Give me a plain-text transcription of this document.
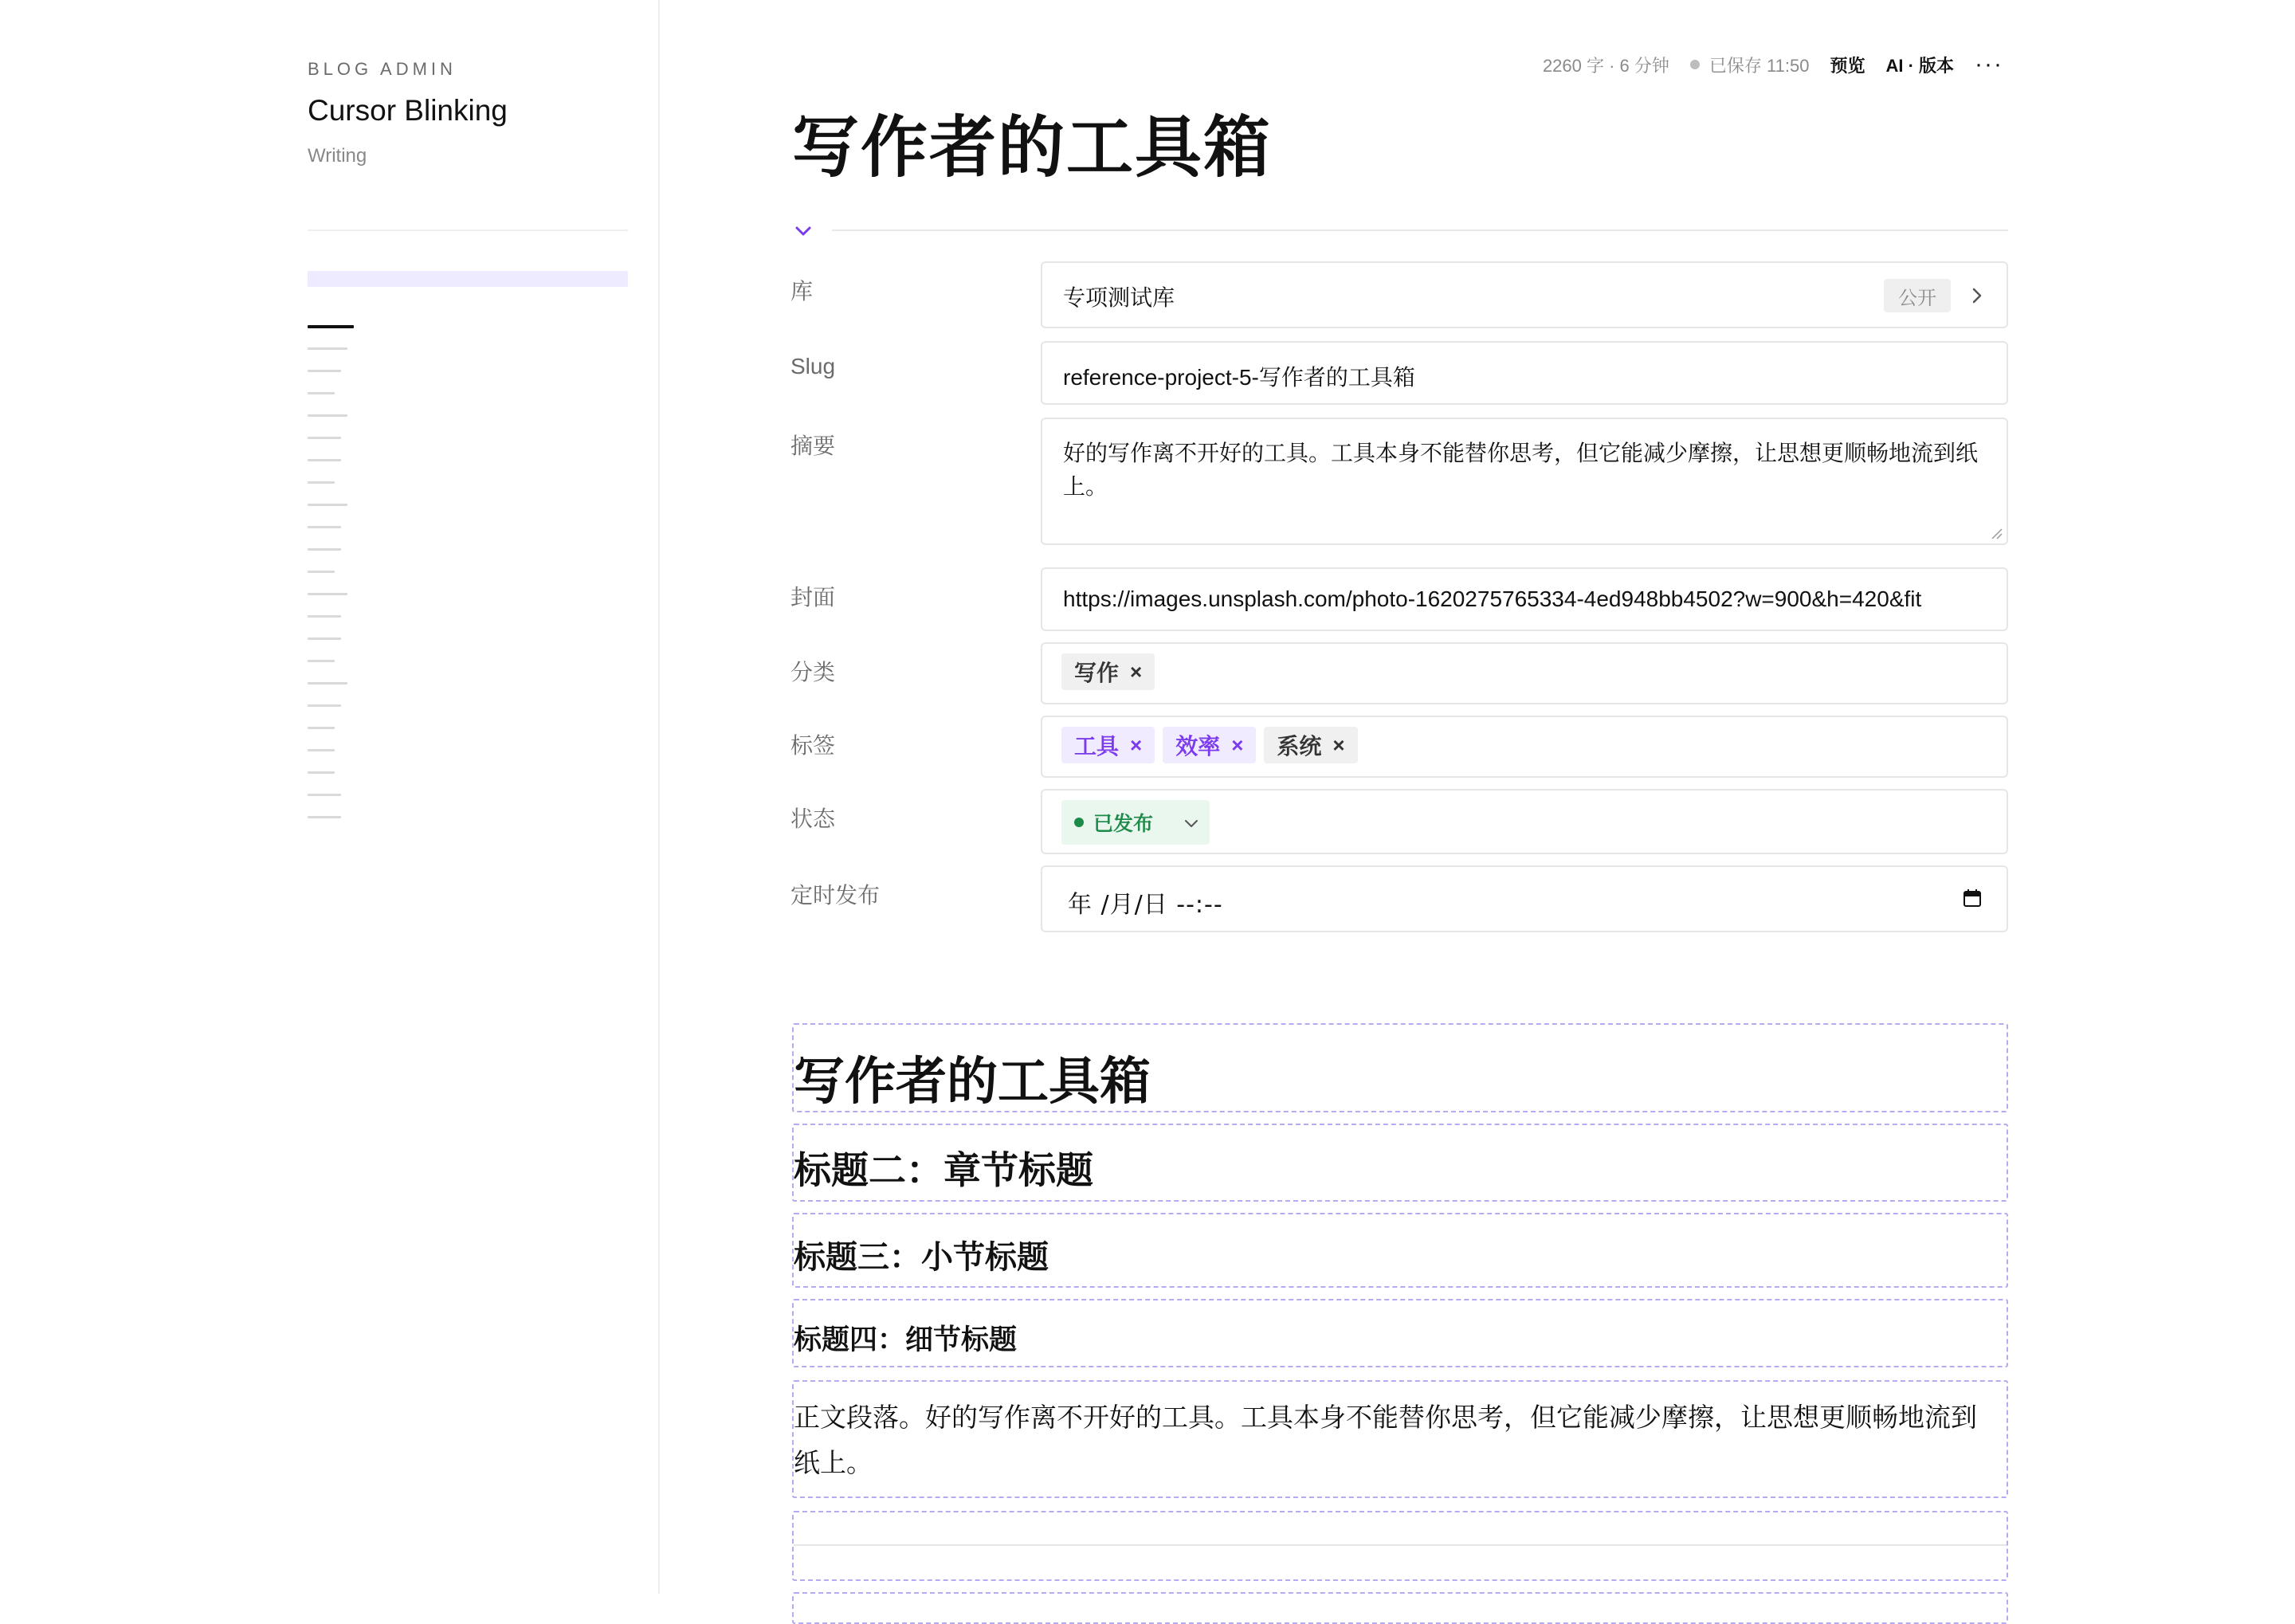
BLOG ADMIN
Cursor Blinking
Writing
2260 字 · 6 分钟 已保存 11:50 预览 AI · 版本 ···
写作者的工具箱
库	专项测试库	公开
Slug	reference-project-5-写作者的工具箱
摘要	好的写作离不开好的工具。工具本身不能替你思考，但它能减少摩擦，让思想更顺畅地流到纸上。
封面	https://images.unsplash.com/photo-1620275765334-4ed948bb4502?w=900&h=420&fit
分类	写作 ×
标签	工具 × 效率 × 系统 ×
状态	已发布
定时发布	年 /月/日 --:--
写作者的工具箱
标题二：章节标题
标题三：小节标题
标题四：细节标题
正文段落。好的写作离不开好的工具。工具本身不能替你思考，但它能减少摩擦，让思想更顺畅地流到纸上。
